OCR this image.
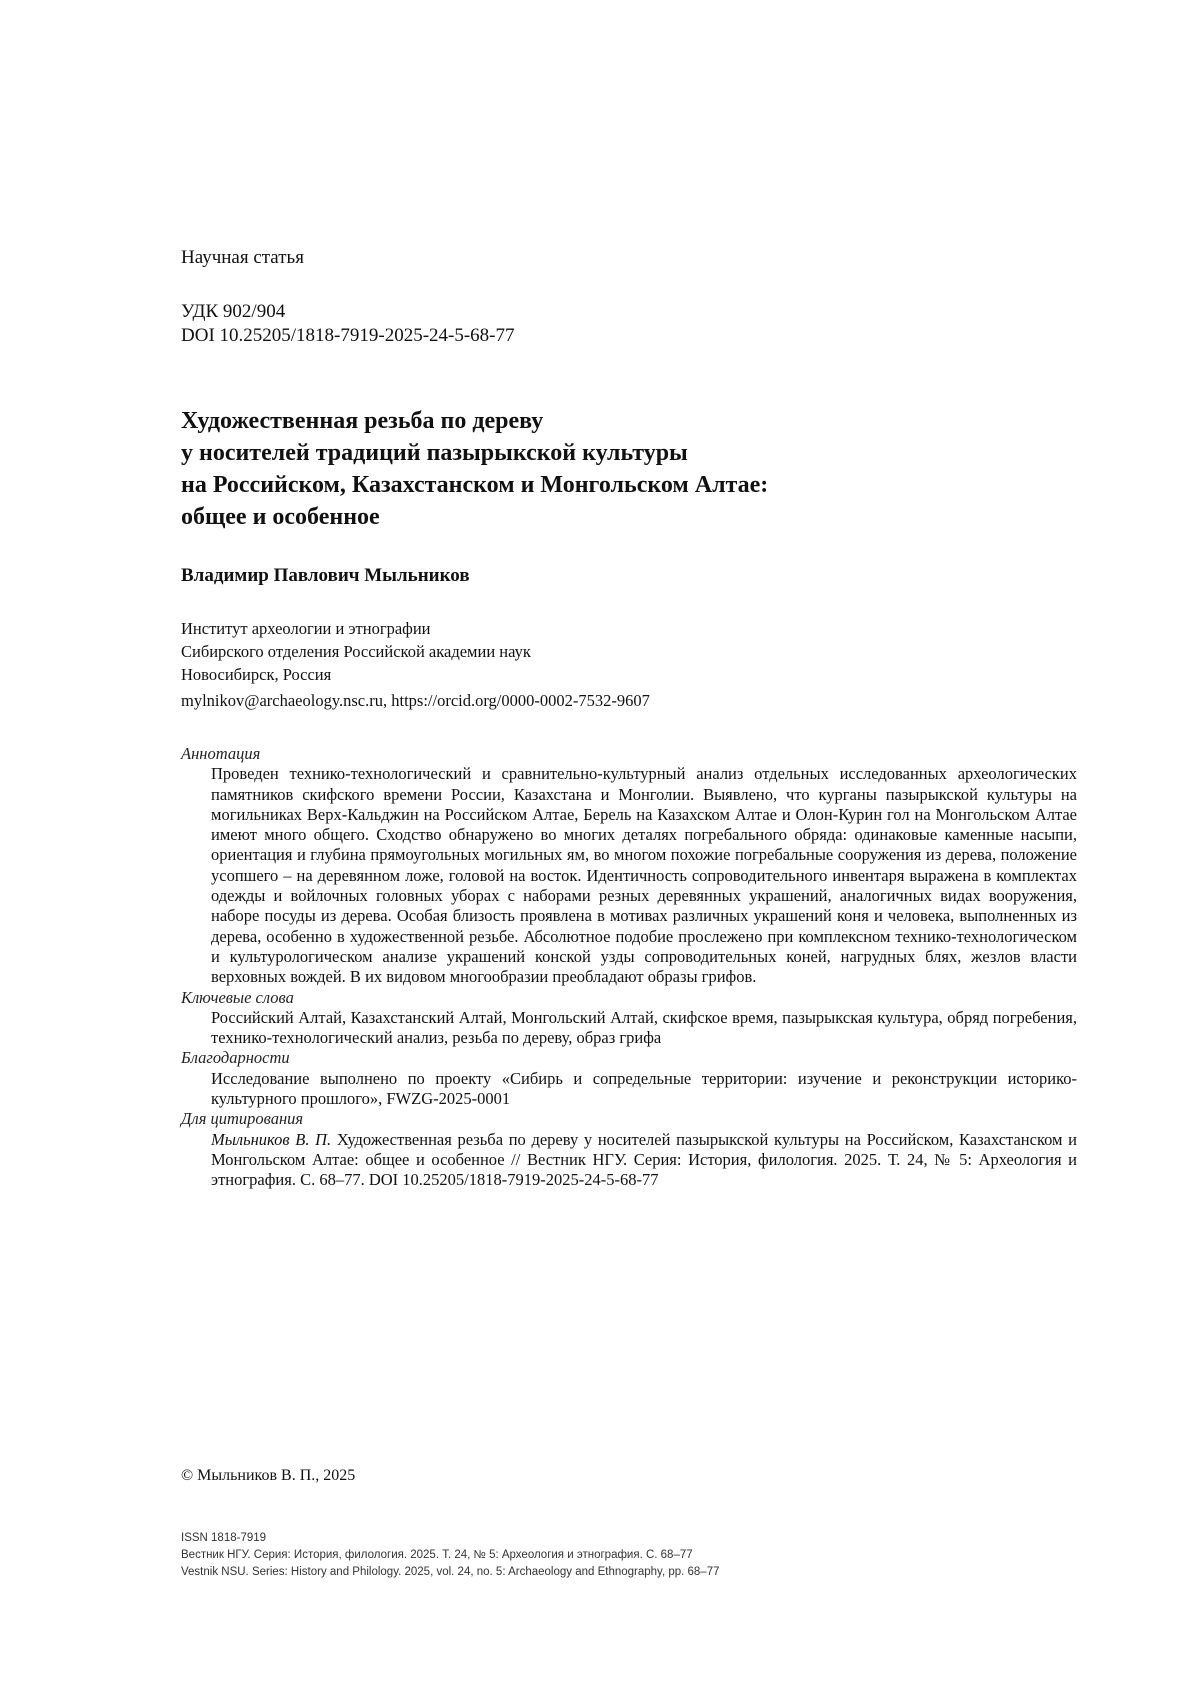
Научная статья
УДК 902/904
DOI 10.25205/1818-7919-2025-24-5-68-77
Художественная резьба по дереву
у носителей традиций пазырыкской культуры
на Российском, Казахстанском и Монгольском Алтае:
общее и особенное
Владимир Павлович Мыльников
Институт археологии и этнографии
Сибирского отделения Российской академии наук
Новосибирск, Россия
mylnikov@archaeology.nsc.ru, https://orcid.org/0000-0002-7532-9607
Аннотация
Проведен технико-технологический и сравнительно-культурный анализ отдельных исследованных археологических памятников скифского времени России, Казахстана и Монголии. Выявлено, что курганы пазырыкской культуры на могильниках Верх-Кальджин на Российском Алтае, Берель на Казахском Алтае и Олон-Курин гол на Монгольском Алтае имеют много общего. Сходство обнаружено во многих деталях погребального обряда: одинаковые каменные насыпи, ориентация и глубина прямоугольных могильных ям, во многом похожие погребальные сооружения из дерева, положение усопшего – на деревянном ложе, головой на восток. Идентичность сопроводительного инвентаря выражена в комплектах одежды и войлочных головных уборах с наборами резных деревянных украшений, аналогичных видах вооружения, наборе посуды из дерева. Особая близость проявлена в мотивах различных украшений коня и человека, выполненных из дерева, особенно в художественной резьбе. Абсолютное подобие прослежено при комплексном технико-технологическом и культурологическом анализе украшений конской узды сопроводительных коней, нагрудных блях, жезлов власти верховных вождей. В их видовом многообразии преобладают образы грифов.
Ключевые слова
Российский Алтай, Казахстанский Алтай, Монгольский Алтай, скифское время, пазырыкская культура, обряд погребения, технико-технологический анализ, резьба по дереву, образ грифа
Благодарности
Исследование выполнено по проекту «Сибирь и сопредельные территории: изучение и реконструкции историко-культурного прошлого», FWZG-2025-0001
Для цитирования
Мыльников В. П. Художественная резьба по дереву у носителей пазырыкской культуры на Российском, Казахстанском и Монгольском Алтае: общее и особенное // Вестник НГУ. Серия: История, филология. 2025. Т. 24, № 5: Археология и этнография. С. 68–77. DOI 10.25205/1818-7919-2025-24-5-68-77
© Мыльников В. П., 2025
ISSN 1818-7919
Вестник НГУ. Серия: История, филология. 2025. Т. 24, № 5: Археология и этнография. С. 68–77
Vestnik NSU. Series: History and Philology. 2025, vol. 24, no. 5: Archaeology and Ethnography, pp. 68–77
